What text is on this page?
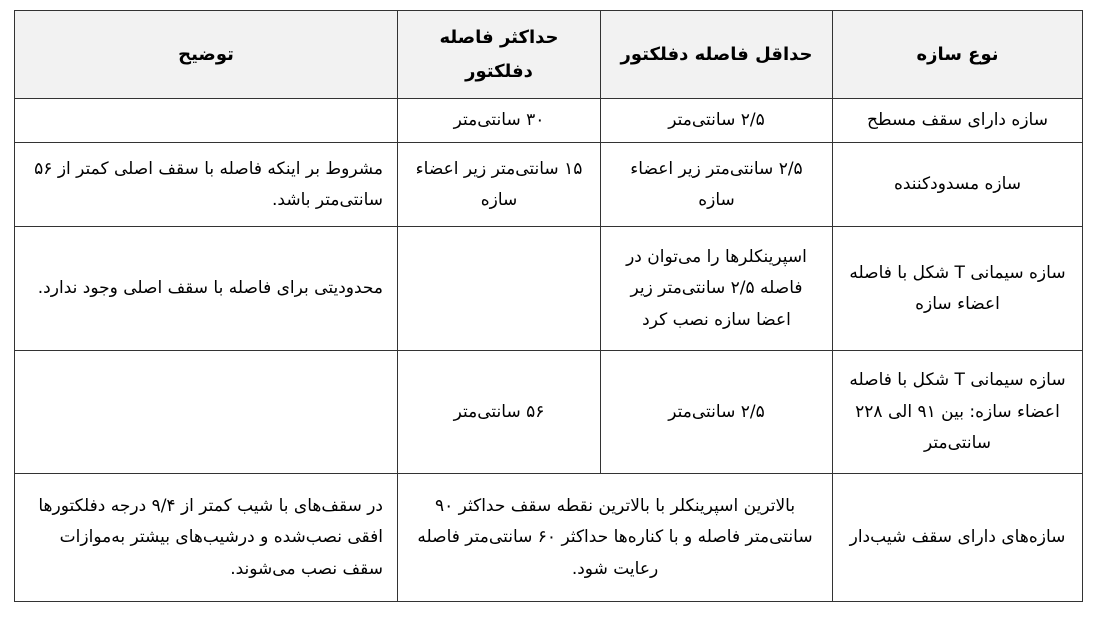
نوع سازه	حداقل فاصله دفلکتور	حداکثر فاصله دفلکتور	توضیح
سازه دارای سقف مسطح	۲/۵ سانتی‌متر	۳۰ سانتی‌متر	
سازه مسدودکننده	۲/۵ سانتی‌متر زیر اعضاء سازه	۱۵ سانتی‌متر زیر اعضاء سازه	مشروط بر اینکه فاصله با سقف اصلی کمتر از ۵۶ سانتی‌متر باشد.
سازه سیمانی T شکل با فاصله اعضاء سازه	اسپرینکلرها را می‌توان در فاصله ۲/۵ سانتی‌متر زیر اعضا سازه نصب کرد		محدودیتی برای فاصله با سقف اصلی وجود ندارد.
سازه سیمانی T شکل با فاصله اعضاء سازه: بین ۹۱ الی ۲۲۸ سانتی‌متر	۲/۵ سانتی‌متر	۵۶ سانتی‌متر	
سازه‌های دارای سقف شیب‌دار	بالاترین اسپرینکلر با بالاترین نقطه سقف حداکثر ۹۰ سانتی‌متر فاصله و با کناره‌ها حداکثر ۶۰ سانتی‌متر فاصله رعایت شود.		در سقف‌های با شیب کمتر از ۹/۴ درجه دفلکتورها افقی نصب‌شده و درشیب‌های بیشتر به‌موازات سقف نصب می‌شوند.
